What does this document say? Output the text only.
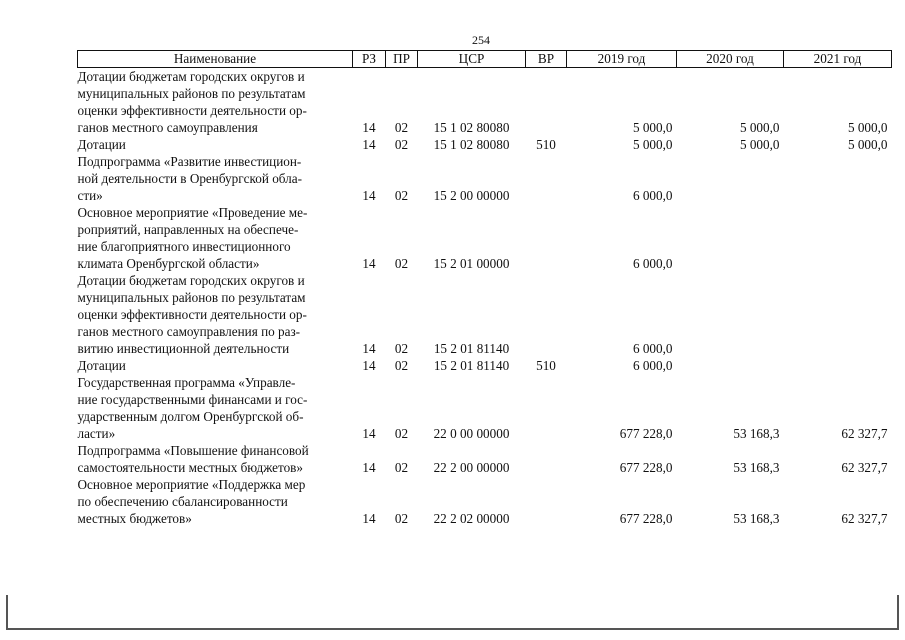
254
Наименование	РЗ	ПР	ЦСР	ВР	2019 год	2020 год	2021 год

Дотации бюджетам городских округов и
муниципальных районов по результатам
оценки эффективности деятельности ор-
ганов местного самоуправления	14	02	15 1 02 80080		5 000,0	5 000,0	5 000,0

Дотации	14	02	15 1 02 80080	510	5 000,0	5 000,0	5 000,0

Подпрограмма «Развитие инвестицион-
ной деятельности в Оренбургской обла-
сти»	14	02	15 2 00 00000		6 000,0		

Основное мероприятие «Проведение ме-
роприятий, направленных на обеспече-
ние благоприятного инвестиционного
климата Оренбургской области»	14	02	15 2 01 00000		6 000,0		

Дотации бюджетам городских округов и
муниципальных районов по результатам
оценки эффективности деятельности ор-
ганов местного самоуправления по раз-
витию инвестиционной деятельности	14	02	15 2 01 81140		6 000,0		

Дотации	14	02	15 2 01 81140	510	6 000,0		

Государственная программа «Управле-
ние государственными финансами и гос-
ударственным долгом Оренбургской об-
ласти»	14	02	22 0 00 00000		677 228,0	53 168,3	62 327,7

Подпрограмма «Повышение финансовой
самостоятельности местных бюджетов»	14	02	22 2 00 00000		677 228,0	53 168,3	62 327,7

Основное мероприятие «Поддержка мер
по обеспечению сбалансированности
местных бюджетов»	14	02	22 2 02 00000		677 228,0	53 168,3	62 327,7
